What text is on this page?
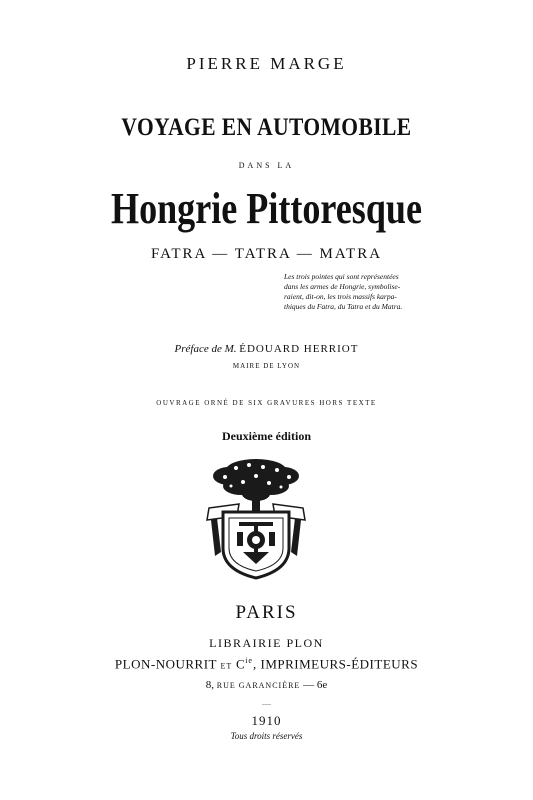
PIERRE MARGE
VOYAGE EN AUTOMOBILE
DANS LA
Hongrie Pittoresque
FATRA — TATRA — MATRA
Les trois pointes qui sont représentées
dans les armes de Hongrie, symbolise-
raient, dit-on, les trois massifs karpa-
thiques du Fatra, du Tatra et du Matra.
Préface de M. ÉDOUARD HERRIOT
MAIRE DE LYON
OUVRAGE ORNÉ DE SIX GRAVURES HORS TEXTE
Deuxième édition
PARIS
LIBRAIRIE PLON
PLON-NOURRIT ET $C^{ie}$, IMPRIMEURS-ÉDITEURS
8, RUE GARANCIÈRE — 6e
—
1910
Tous droits réservés
